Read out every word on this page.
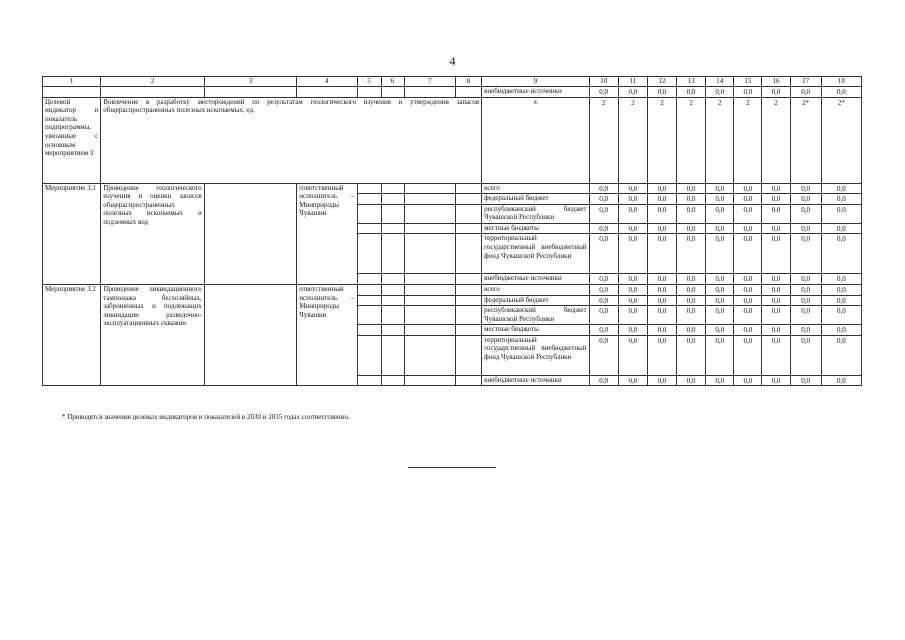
4
1	2	3	4	5	6	7	8	9	10	11	12	13	14	15	16	17	18
								внебюджетные источники	0,0	0,0	0,0	0,0	0,0	0,0	0,0	0,0	0,0
Целевой индикатор и показатель подпрограммы, увязанные с основным мероприятием 3	Вовлечение в разработку месторождений по результатам геологического изучения и утверждения запасов общераспространенных полезных ископаемых, ед.							x	2	2	2	2	2	2	2	2*	2*
Мероприятие 3.1	Проведение геологического изучения и оценки запасов общераспространенных полезных ископаемых и подземных вод		ответственный исполнитель – Минприроды Чувашии					всего	0,0	0,0	0,0	0,0	0,0	0,0	0,0	0,0	0,0
								федеральный бюджет	0,0	0,0	0,0	0,0	0,0	0,0	0,0	0,0	0,0
								республиканский бюджет Чувашской Республики	0,0	0,0	0,0	0,0	0,0	0,0	0,0	0,0	0,0
								местные бюджеты	0,0	0,0	0,0	0,0	0,0	0,0	0,0	0,0	0,0
								территориальный государственный внебюджетный фонд Чувашской Республики	0,0	0,0	0,0	0,0	0,0	0,0	0,0	0,0	0,0
								внебюджетные источники	0,0	0,0	0,0	0,0	0,0	0,0	0,0	0,0	0,0
Мероприятие 3.2	Проведение ликвидационного тампонажа бесхозяйных, заброшенных и подлежащих ликвидации разведочно-эксплуатационных скважин		ответственный исполнитель – Минприроды Чувашии					всего	0,0	0,0	0,0	0,0	0,0	0,0	0,0	0,0	0,0
								федеральный бюджет	0,0	0,0	0,0	0,0	0,0	0,0	0,0	0,0	0,0
								республиканский бюджет Чувашской Республики	0,0	0,0	0,0	0,0	0,0	0,0	0,0	0,0	0,0
								местные бюджеты	0,0	0,0	0,0	0,0	0,0	0,0	0,0	0,0	0,0
								территориальный государственный внебюджетный фонд Чувашской Республики	0,0	0,0	0,0	0,0	0,0	0,0	0,0	0,0	0,0
								внебюджетные источники	0,0	0,0	0,0	0,0	0,0	0,0	0,0	0,0	0,0
* Приводятся значения целевых индикаторов и показателей в 2030 и 2035 годах соответственно.
